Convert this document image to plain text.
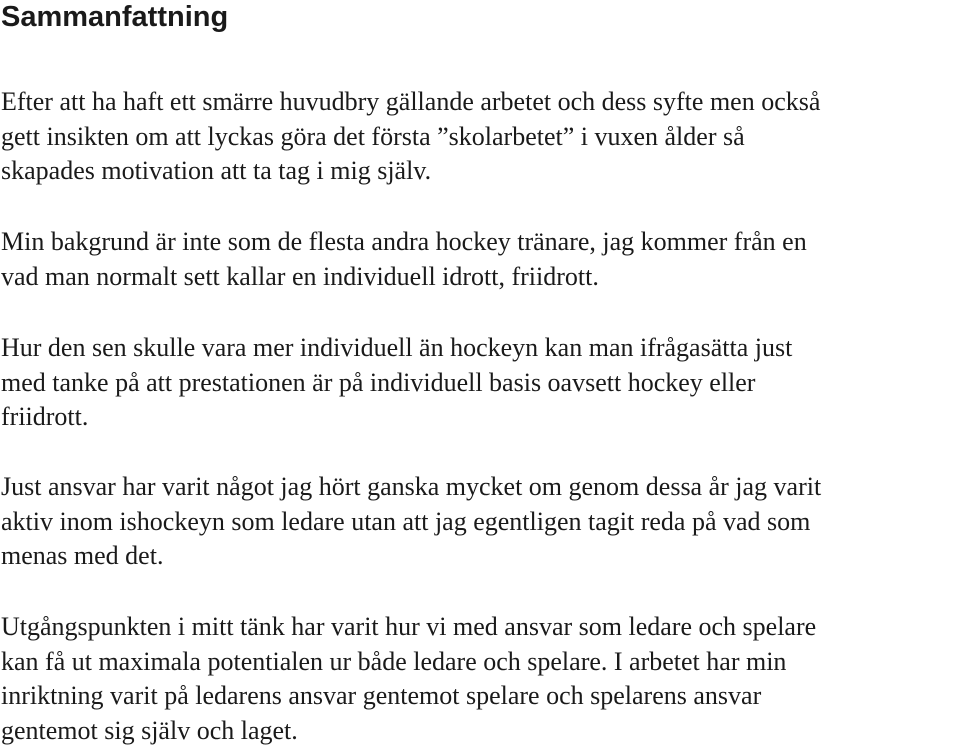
Sammanfattning

Efter att ha haft ett smärre huvudbry gällande arbetet och dess syfte men också
gett insikten om att lyckas göra det första ”skolarbetet” i vuxen ålder så
skapades motivation att ta tag i mig själv.

Min bakgrund är inte som de flesta andra hockey tränare, jag kommer från en
vad man normalt sett kallar en individuell idrott, friidrott.

Hur den sen skulle vara mer individuell än hockeyn kan man ifrågasätta just
med tanke på att prestationen är på individuell basis oavsett hockey eller
friidrott.

Just ansvar har varit något jag hört ganska mycket om genom dessa år jag varit
aktiv inom ishockeyn som ledare utan att jag egentligen tagit reda på vad som
menas med det.

Utgångspunkten i mitt tänk har varit hur vi med ansvar som ledare och spelare
kan få ut maximala potentialen ur både ledare och spelare. I arbetet har min
inriktning varit på ledarens ansvar gentemot spelare och spelarens ansvar
gentemot sig själv och laget.
